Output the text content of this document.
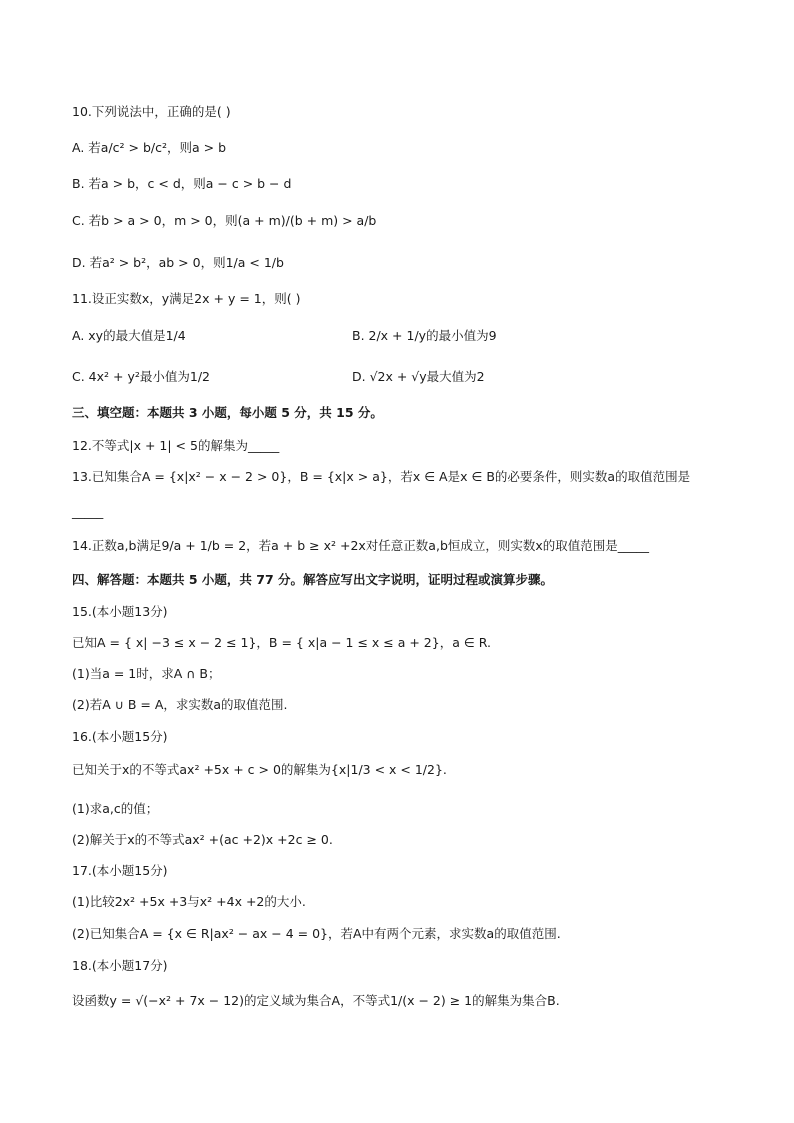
10.下列说法中，正确的是( )
A. 若a/c² > b/c²，则a > b
B. 若a > b，c < d，则a − c > b − d
C. 若b > a > 0，m > 0，则(a + m)/(b + m) > a/b
D. 若a² > b²，ab > 0，则1/a < 1/b
11.设正实数x，y满足2x + y = 1，则( )
A. xy的最大值是1/4	B. 2/x + 1/y的最小值为9
C. 4x² + y²最小值为1/2	D. √2x + √y最大值为2
三、填空题：本题共 3 小题，每小题 5 分，共 15 分。
12.不等式|x + 1| < 5的解集为_____
13.已知集合A = {x|x² − x − 2 > 0}，B = {x|x > a}，若x ∈ A是x ∈ B的必要条件，则实数a的取值范围是
_____
14.正数a,b满足9/a + 1/b = 2，若a + b ≥ x² +2x对任意正数a,b恒成立，则实数x的取值范围是_____
四、解答题：本题共 5 小题，共 77 分。解答应写出文字说明，证明过程或演算步骤。
15.(本小题13分)
已知A = { x| −3 ≤ x − 2 ≤ 1}，B = { x|a − 1 ≤ x ≤ a + 2}，a ∈ R.
(1)当a = 1时，求A ∩ B；
(2)若A ∪ B = A，求实数a的取值范围.
16.(本小题15分)
已知关于x的不等式ax² +5x + c > 0的解集为{x|1/3 < x < 1/2}.
(1)求a,c的值；
(2)解关于x的不等式ax² +(ac +2)x +2c ≥ 0.
17.(本小题15分)
(1)比较2x² +5x +3与x² +4x +2的大小.
(2)已知集合A = {x ∈ R|ax² − ax − 4 = 0}，若A中有两个元素，求实数a的取值范围.
18.(本小题17分)
设函数y = √(−x² + 7x − 12)的定义域为集合A，不等式1/(x − 2) ≥ 1的解集为集合B.
